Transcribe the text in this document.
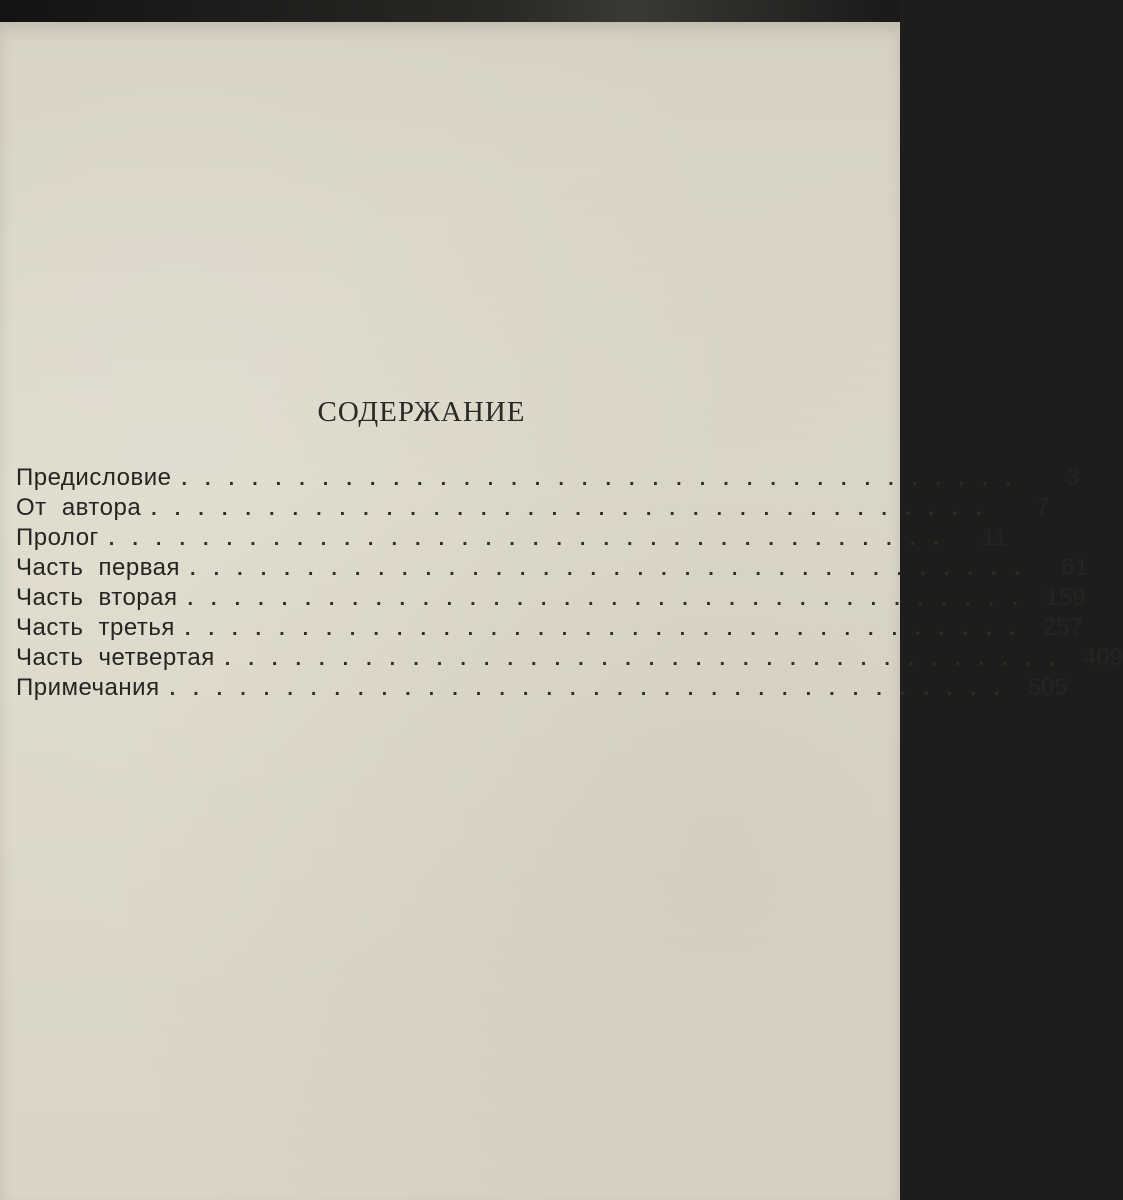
СОДЕРЖАНИЕ
Предисловие ....................................	3
От автора ....................................	7
Пролог ....................................	11
Часть первая .................................... 61
Часть вторая .................................... 159
Часть третья .................................... 257
Часть четвертая .................................... 409
Примечания .................................... 505
